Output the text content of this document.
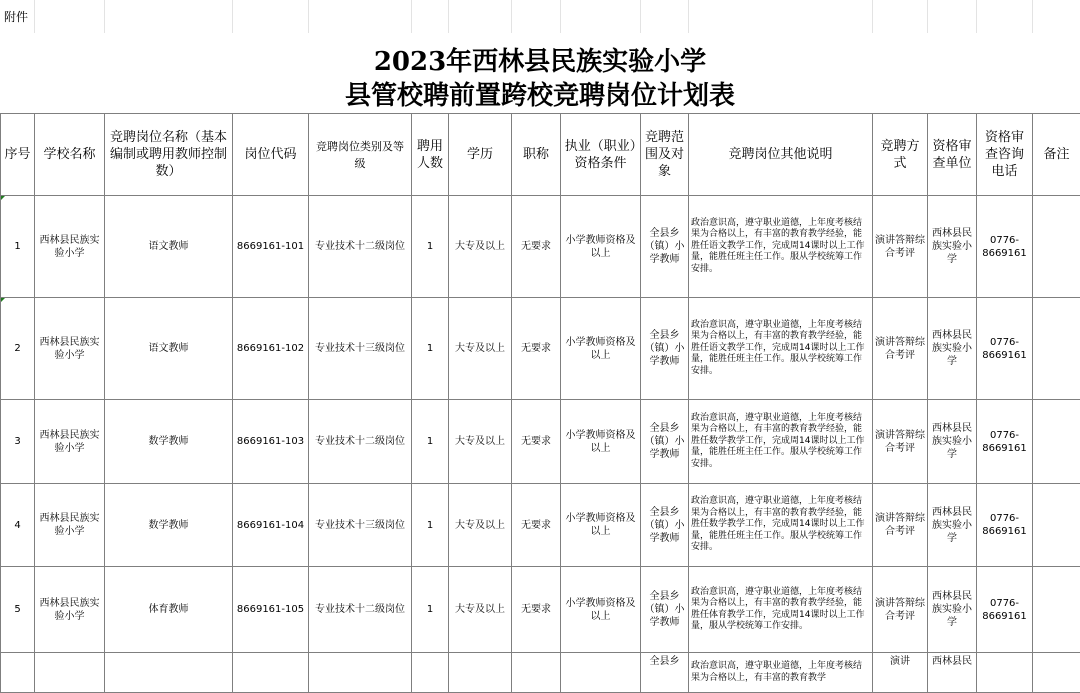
附件														
2023年西林县民族实验小学
县管校聘前置跨校竞聘岗位计划表
序号	学校名称	竞聘岗位名称（基本编制或聘用教师控制数）	岗位代码	竞聘岗位类别及等级	聘用人数	学历	职称	执业（职业）资格条件	竞聘范围及对象	竞聘岗位其他说明	竞聘方式	资格审查单位	资格审查咨询电话	备注
1	西林县民族实验小学	语文教师	8669161-101	专业技术十二级岗位	1	大专及以上	无要求	小学教师资格及以上	全县乡（镇）小学教师	政治意识高，遵守职业道德，上年度考核结果为合格以上，有丰富的教育教学经验，能胜任语文教学工作，完成周14课时以上工作量，能胜任班主任工作。服从学校统筹工作安排。	演讲答辩综合考评	西林县民族实验小学	0776-8669161	
2	西林县民族实验小学	语文教师	8669161-102	专业技术十三级岗位	1	大专及以上	无要求	小学教师资格及以上	全县乡（镇）小学教师	政治意识高，遵守职业道德，上年度考核结果为合格以上，有丰富的教育教学经验，能胜任语文教学工作，完成周14课时以上工作量，能胜任班主任工作。服从学校统筹工作安排。	演讲答辩综合考评	西林县民族实验小学	0776-8669161	
3	西林县民族实验小学	数学教师	8669161-103	专业技术十二级岗位	1	大专及以上	无要求	小学教师资格及以上	全县乡（镇）小学教师	政治意识高，遵守职业道德，上年度考核结果为合格以上，有丰富的教育教学经验，能胜任数学教学工作，完成周14课时以上工作量，能胜任班主任工作。服从学校统筹工作安排。	演讲答辩综合考评	西林县民族实验小学	0776-8669161	
4	西林县民族实验小学	数学教师	8669161-104	专业技术十三级岗位	1	大专及以上	无要求	小学教师资格及以上	全县乡（镇）小学教师	政治意识高，遵守职业道德，上年度考核结果为合格以上，有丰富的教育教学经验，能胜任数学教学工作，完成周14课时以上工作量，能胜任班主任工作。服从学校统筹工作安排。	演讲答辩综合考评	西林县民族实验小学	0776-8669161	
5	西林县民族实验小学	体育教师	8669161-105	专业技术十二级岗位	1	大专及以上	无要求	小学教师资格及以上	全县乡（镇）小学教师	政治意识高，遵守职业道德，上年度考核结果为合格以上，有丰富的教育教学经验，能胜任体育教学工作，完成周14课时以上工作量，服从学校统筹工作安排。	演讲答辩综合考评	西林县民族实验小学	0776-8669161	
									全县乡	政治意识高，遵守职业道德，上年度考核结果为合格以上，有丰富的教育教学	演讲	西林县民		
